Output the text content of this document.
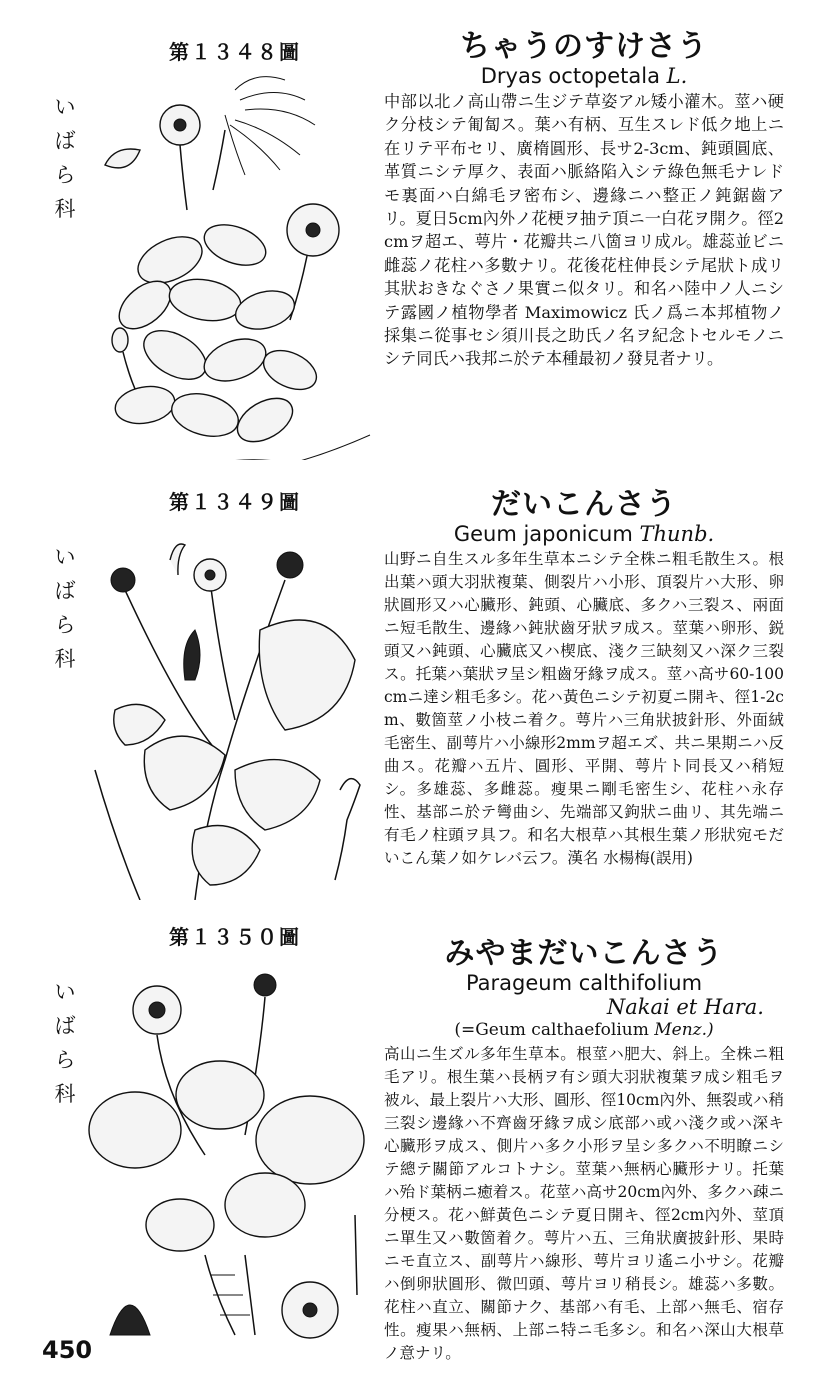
第１３４８圖
いばら科
ちゃうのすけさう
Dryas octopetala L.
中部以北ノ高山帶ニ生ジテ草姿アル矮小灌木。莖ハ硬ク分枝シテ匍匐ス。葉ハ有柄、互生スレド低ク地上ニ在リテ平布セリ、廣楕圓形、長サ2-3cm、鈍頭圓底、革質ニシテ厚ク、表面ハ脈絡陷入シテ綠色無毛ナレドモ裏面ハ白綿毛ヲ密布シ、邊緣ニハ整正ノ鈍鋸齒アリ。夏日5cm內外ノ花梗ヲ抽テ頂ニ一白花ヲ開ク。徑2cmヲ超エ、萼片・花瓣共ニ八箇ヨリ成ル。雄蕊並ビニ雌蕊ノ花柱ハ多數ナリ。花後花柱伸長シテ尾狀ト成リ其狀おきなぐさノ果實ニ似タリ。和名ハ陸中ノ人ニシテ露國ノ植物學者 Maximowicz 氏ノ爲ニ本邦植物ノ採集ニ從事セシ須川長之助氏ノ名ヲ紀念トセルモノニシテ同氏ハ我邦ニ於テ本種最初ノ發見者ナリ。
第１３４９圖
いばら科
だいこんさう
Geum japonicum Thunb.
山野ニ自生スル多年生草本ニシテ全株ニ粗毛散生ス。根出葉ハ頭大羽狀複葉、側裂片ハ小形、頂裂片ハ大形、卵狀圓形又ハ心臟形、鈍頭、心臟底、多クハ三裂ス、兩面ニ短毛散生、邊緣ハ鈍狀齒牙狀ヲ成ス。莖葉ハ卵形、鋭頭又ハ鈍頭、心臟底又ハ楔底、淺ク三缺刻又ハ深ク三裂ス。托葉ハ葉狀ヲ呈シ粗齒牙緣ヲ成ス。莖ハ高サ60-100cmニ達シ粗毛多シ。花ハ黃色ニシテ初夏ニ開キ、徑1-2cm、數箇莖ノ小枝ニ着ク。萼片ハ三角狀披針形、外面絨毛密生、副萼片ハ小線形2mmヲ超エズ、共ニ果期ニハ反曲ス。花瓣ハ五片、圓形、平開、萼片ト同長又ハ稍短シ。多雄蕊、多雌蕊。瘦果ニ剛毛密生シ、花柱ハ永存性、基部ニ於テ彎曲シ、先端部又鉤狀ニ曲リ、其先端ニ有毛ノ柱頭ヲ具フ。和名大根草ハ其根生葉ノ形狀宛モだいこん葉ノ如ケレバ云フ。漢名 水楊梅(誤用)
第１３５０圖
いばら科
みやまだいこんさう
Parageum calthifolium
Nakai et Hara.
(=Geum calthaefolium Menz.)
高山ニ生ズル多年生草本。根莖ハ肥大、斜上。全株ニ粗毛アリ。根生葉ハ長柄ヲ有シ頭大羽狀複葉ヲ成シ粗毛ヲ被ル、最上裂片ハ大形、圓形、徑10cm內外、無裂或ハ稍三裂シ邊緣ハ不齊齒牙緣ヲ成シ底部ハ或ハ淺ク或ハ深キ心臟形ヲ成ス、側片ハ多ク小形ヲ呈シ多クハ不明瞭ニシテ總テ關節アルコトナシ。莖葉ハ無柄心臟形ナリ。托葉ハ殆ド葉柄ニ癒着ス。花莖ハ高サ20cm內外、多クハ疎ニ分梗ス。花ハ鮮黃色ニシテ夏日開キ、徑2cm內外、莖頂ニ單生又ハ數箇着ク。萼片ハ五、三角狀廣披針形、果時ニモ直立ス、副萼片ハ線形、萼片ヨリ遙ニ小サシ。花瓣ハ倒卵狀圓形、微凹頭、萼片ヨリ稍長シ。雄蕊ハ多數。花柱ハ直立、關節ナク、基部ハ有毛、上部ハ無毛、宿存性。瘦果ハ無柄、上部ニ特ニ毛多シ。和名ハ深山大根草ノ意ナリ。
450
